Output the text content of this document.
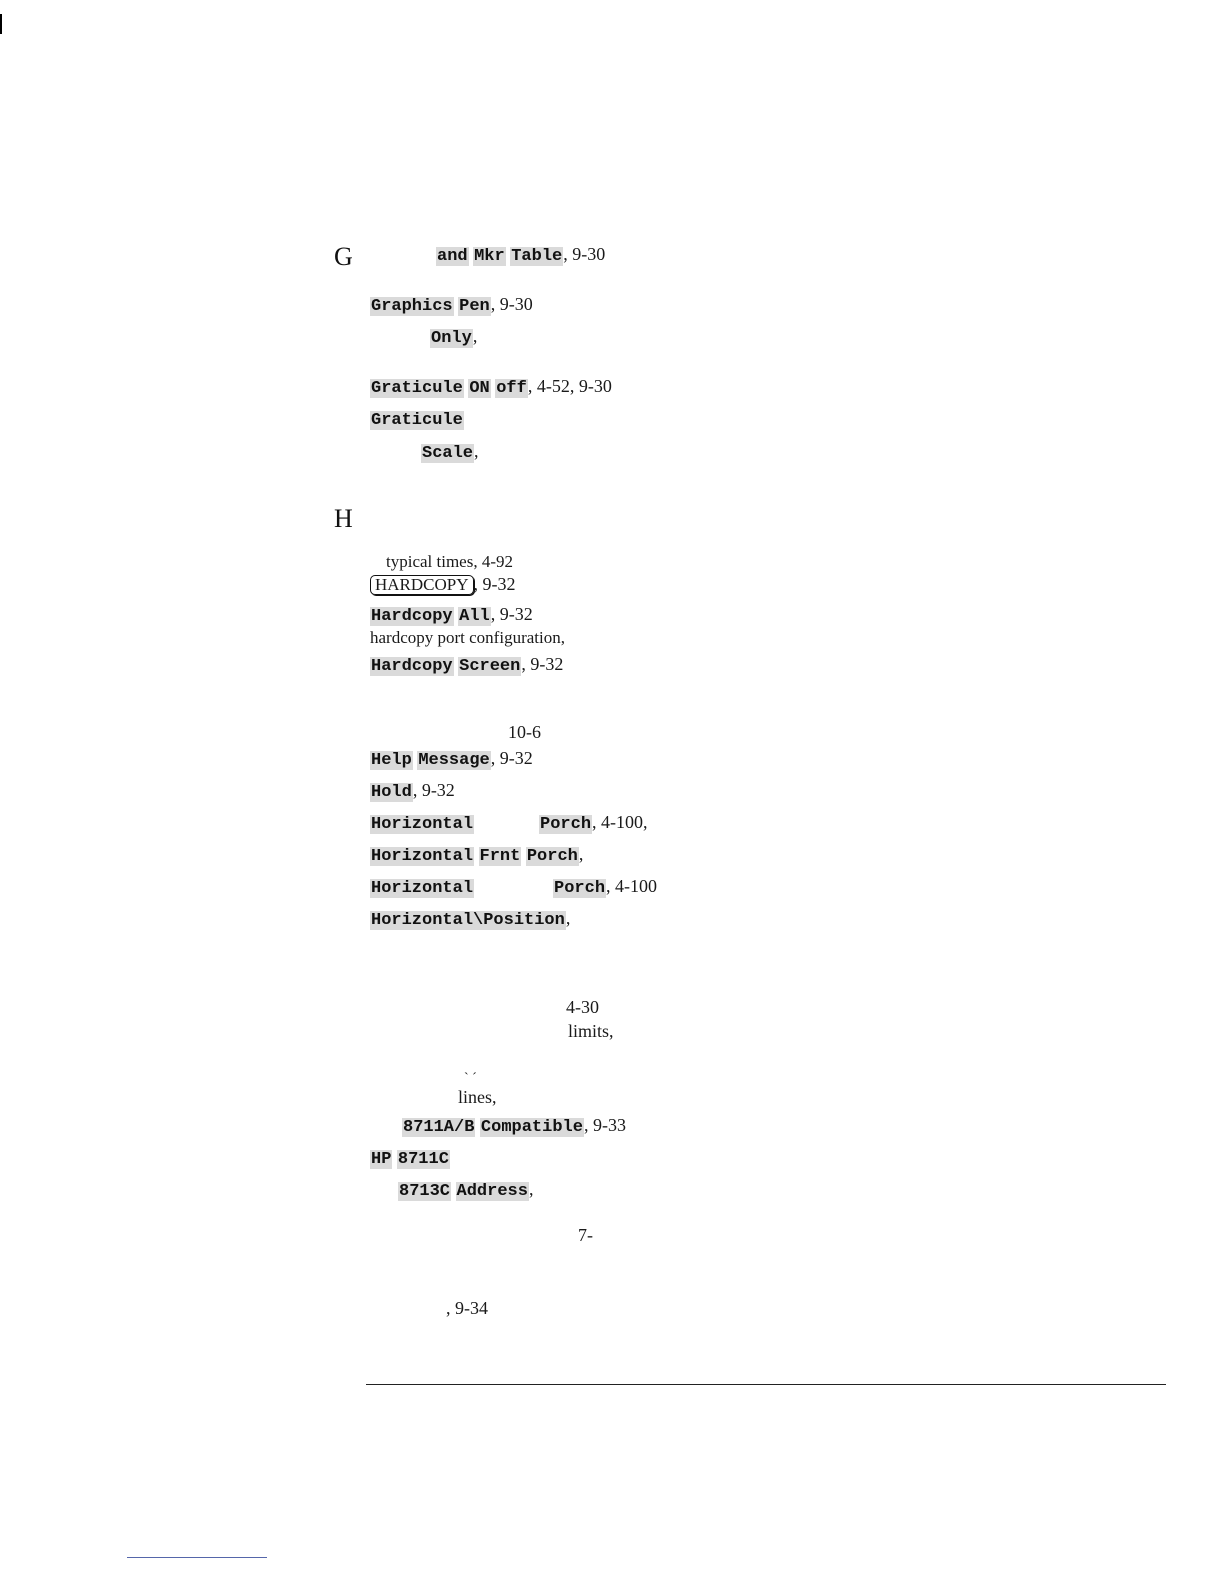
G	and Mkr Table, 9-30
Graphics Pen, 9-30
Only,
Graticule ON off, 4-52, 9-30
Graticule
Scale,
H
typical times, 4-92
HARDCOPY , 9-32
Hardcopy All, 9-32
hardcopy port configuration,
Hardcopy Screen, 9-32
10-6
Help Message, 9-32
Hold, 9-32
Horizontal	Porch, 4-100,
Horizontal Frnt Porch,
Horizontal	Porch, 4-100
Horizontal\Position,
4-30
limits,
` ´
lines,
8711A/B Compatible, 9-33
HP 8711C
8713C Address,
7-
, 9-34
